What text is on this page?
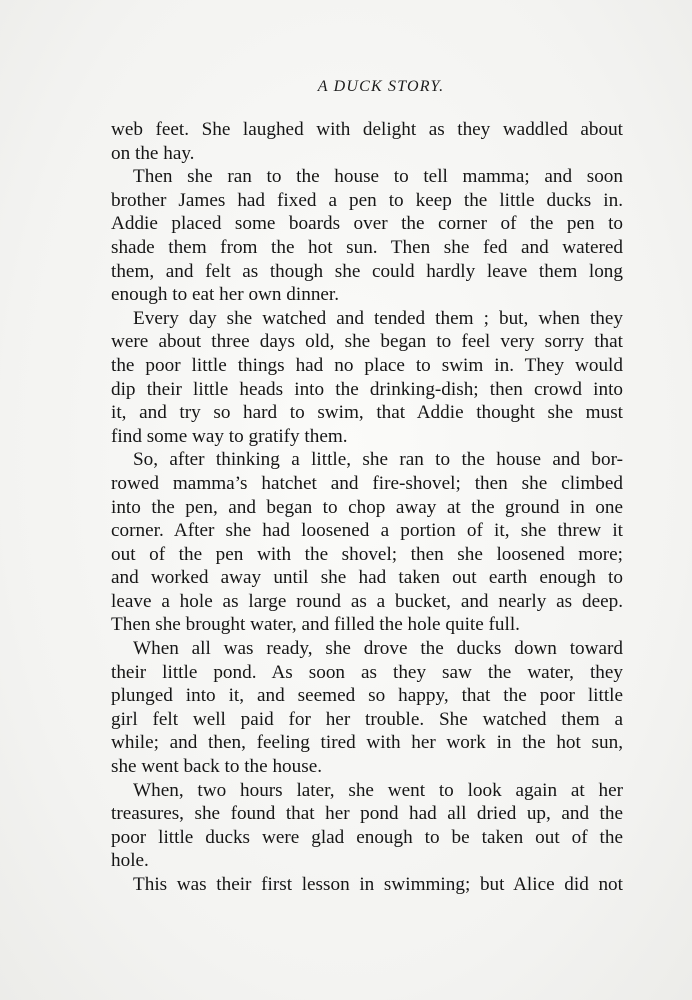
A DUCK STORY.
web feet. She laughed with delight as they waddled about
on the hay.
Then she ran to the house to tell mamma; and soon
brother James had fixed a pen to keep the little ducks in.
Addie placed some boards over the corner of the pen to
shade them from the hot sun. Then she fed and watered
them, and felt as though she could hardly leave them long
enough to eat her own dinner.
Every day she watched and tended them ; but, when they
were about three days old, she began to feel very sorry that
the poor little things had no place to swim in. They would
dip their little heads into the drinking-dish; then crowd into
it, and try so hard to swim, that Addie thought she must
find some way to gratify them.
So, after thinking a little, she ran to the house and bor-
rowed mamma’s hatchet and fire-shovel; then she climbed
into the pen, and began to chop away at the ground in one
corner. After she had loosened a portion of it, she threw it
out of the pen with the shovel; then she loosened more;
and worked away until she had taken out earth enough to
leave a hole as large round as a bucket, and nearly as deep.
Then she brought water, and filled the hole quite full.
When all was ready, she drove the ducks down toward
their little pond. As soon as they saw the water, they
plunged into it, and seemed so happy, that the poor little
girl felt well paid for her trouble. She watched them a
while; and then, feeling tired with her work in the hot sun,
she went back to the house.
When, two hours later, she went to look again at her
treasures, she found that her pond had all dried up, and the
poor little ducks were glad enough to be taken out of the
hole.
This was their first lesson in swimming; but Alice did not
